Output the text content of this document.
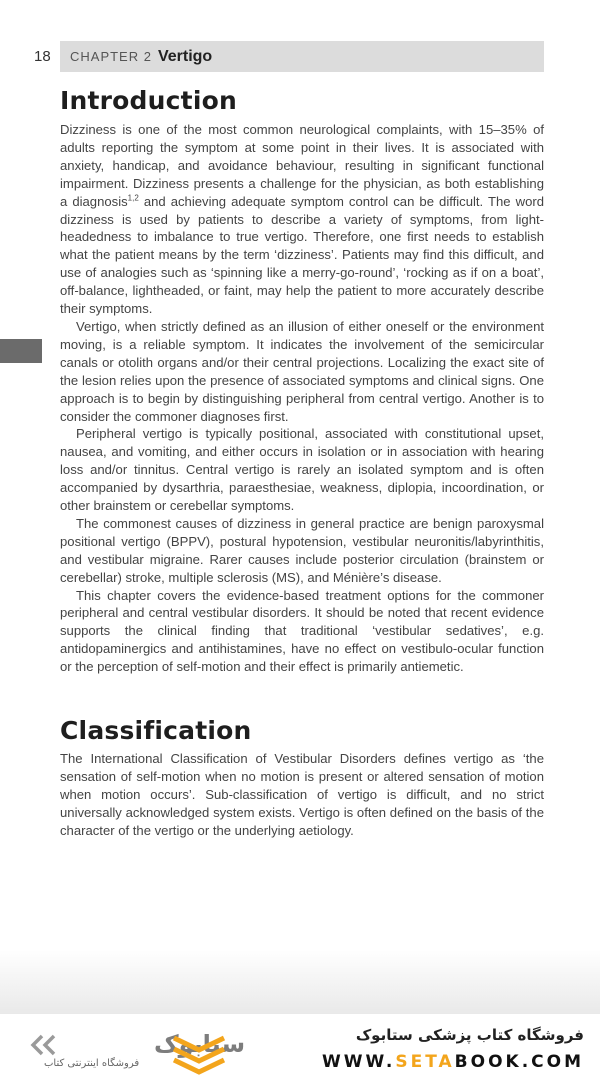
18 CHAPTER 2 Vertigo
Introduction

Dizziness is one of the most common neurological complaints, with 15–35% of adults reporting the symptom at some point in their lives. It is associated with anxiety, handicap, and avoidance behaviour, resulting in significant functional impairment. Dizziness presents a challenge for the physician, as both establishing a diagnosis$^{1,2}$ and achieving adequate symptom control can be difficult. The word dizziness is used by patients to describe a variety of symptoms, from light-headedness to imbalance to true vertigo. Therefore, one first needs to establish what the patient means by the term ‘dizziness’. Patients may find this difficult, and use of analogies such as ‘spinning like a merry-go-round’, ‘rocking as if on a boat’, off-balance, lightheaded, or faint, may help the patient to more accurately describe their symptoms.

Vertigo, when strictly defined as an illusion of either oneself or the environment moving, is a reliable symptom. It indicates the involvement of the semicircular canals or otolith organs and/or their central projections. Localizing the exact site of the lesion relies upon the presence of associated symptoms and clinical signs. One approach is to begin by distinguishing peripheral from central vertigo. Another is to consider the commoner diagnoses first.

Peripheral vertigo is typically positional, associated with constitutional upset, nausea, and vomiting, and either occurs in isolation or in association with hearing loss and/or tinnitus. Central vertigo is rarely an isolated symptom and is often accompanied by dysarthria, paraesthesiae, weakness, diplopia, incoordination, or other brainstem or cerebellar symptoms.

The commonest causes of dizziness in general practice are benign paroxysmal positional vertigo (BPPV), postural hypotension, vestibular neuronitis/labyrinthitis, and vestibular migraine. Rarer causes include posterior circulation (brainstem or cerebellar) stroke, multiple sclerosis (MS), and Ménière’s disease.

This chapter covers the evidence-based treatment options for the commoner peripheral and central vestibular disorders. It should be noted that recent evidence supports the clinical finding that traditional ‘vestibular sedatives’, e.g. antidopaminergics and antihistamines, have no effect on vestibulo-ocular function or the perception of self-motion and their effect is primarily antiemetic.

Classification

The International Classification of Vestibular Disorders defines vertigo as ‘the sensation of self-motion when no motion is present or altered sensation of motion when motion occurs’. Sub-classification of vertigo is difficult, and no strict universally acknowledged system exists. Vertigo is often defined on the basis of the character of the vertigo or the underlying aetiology.

ستابوک
فروشگاه اینترنتی کتاب
فروشگاه کتاب پزشکی ستابوک
WWW.SETABOOK.COM
